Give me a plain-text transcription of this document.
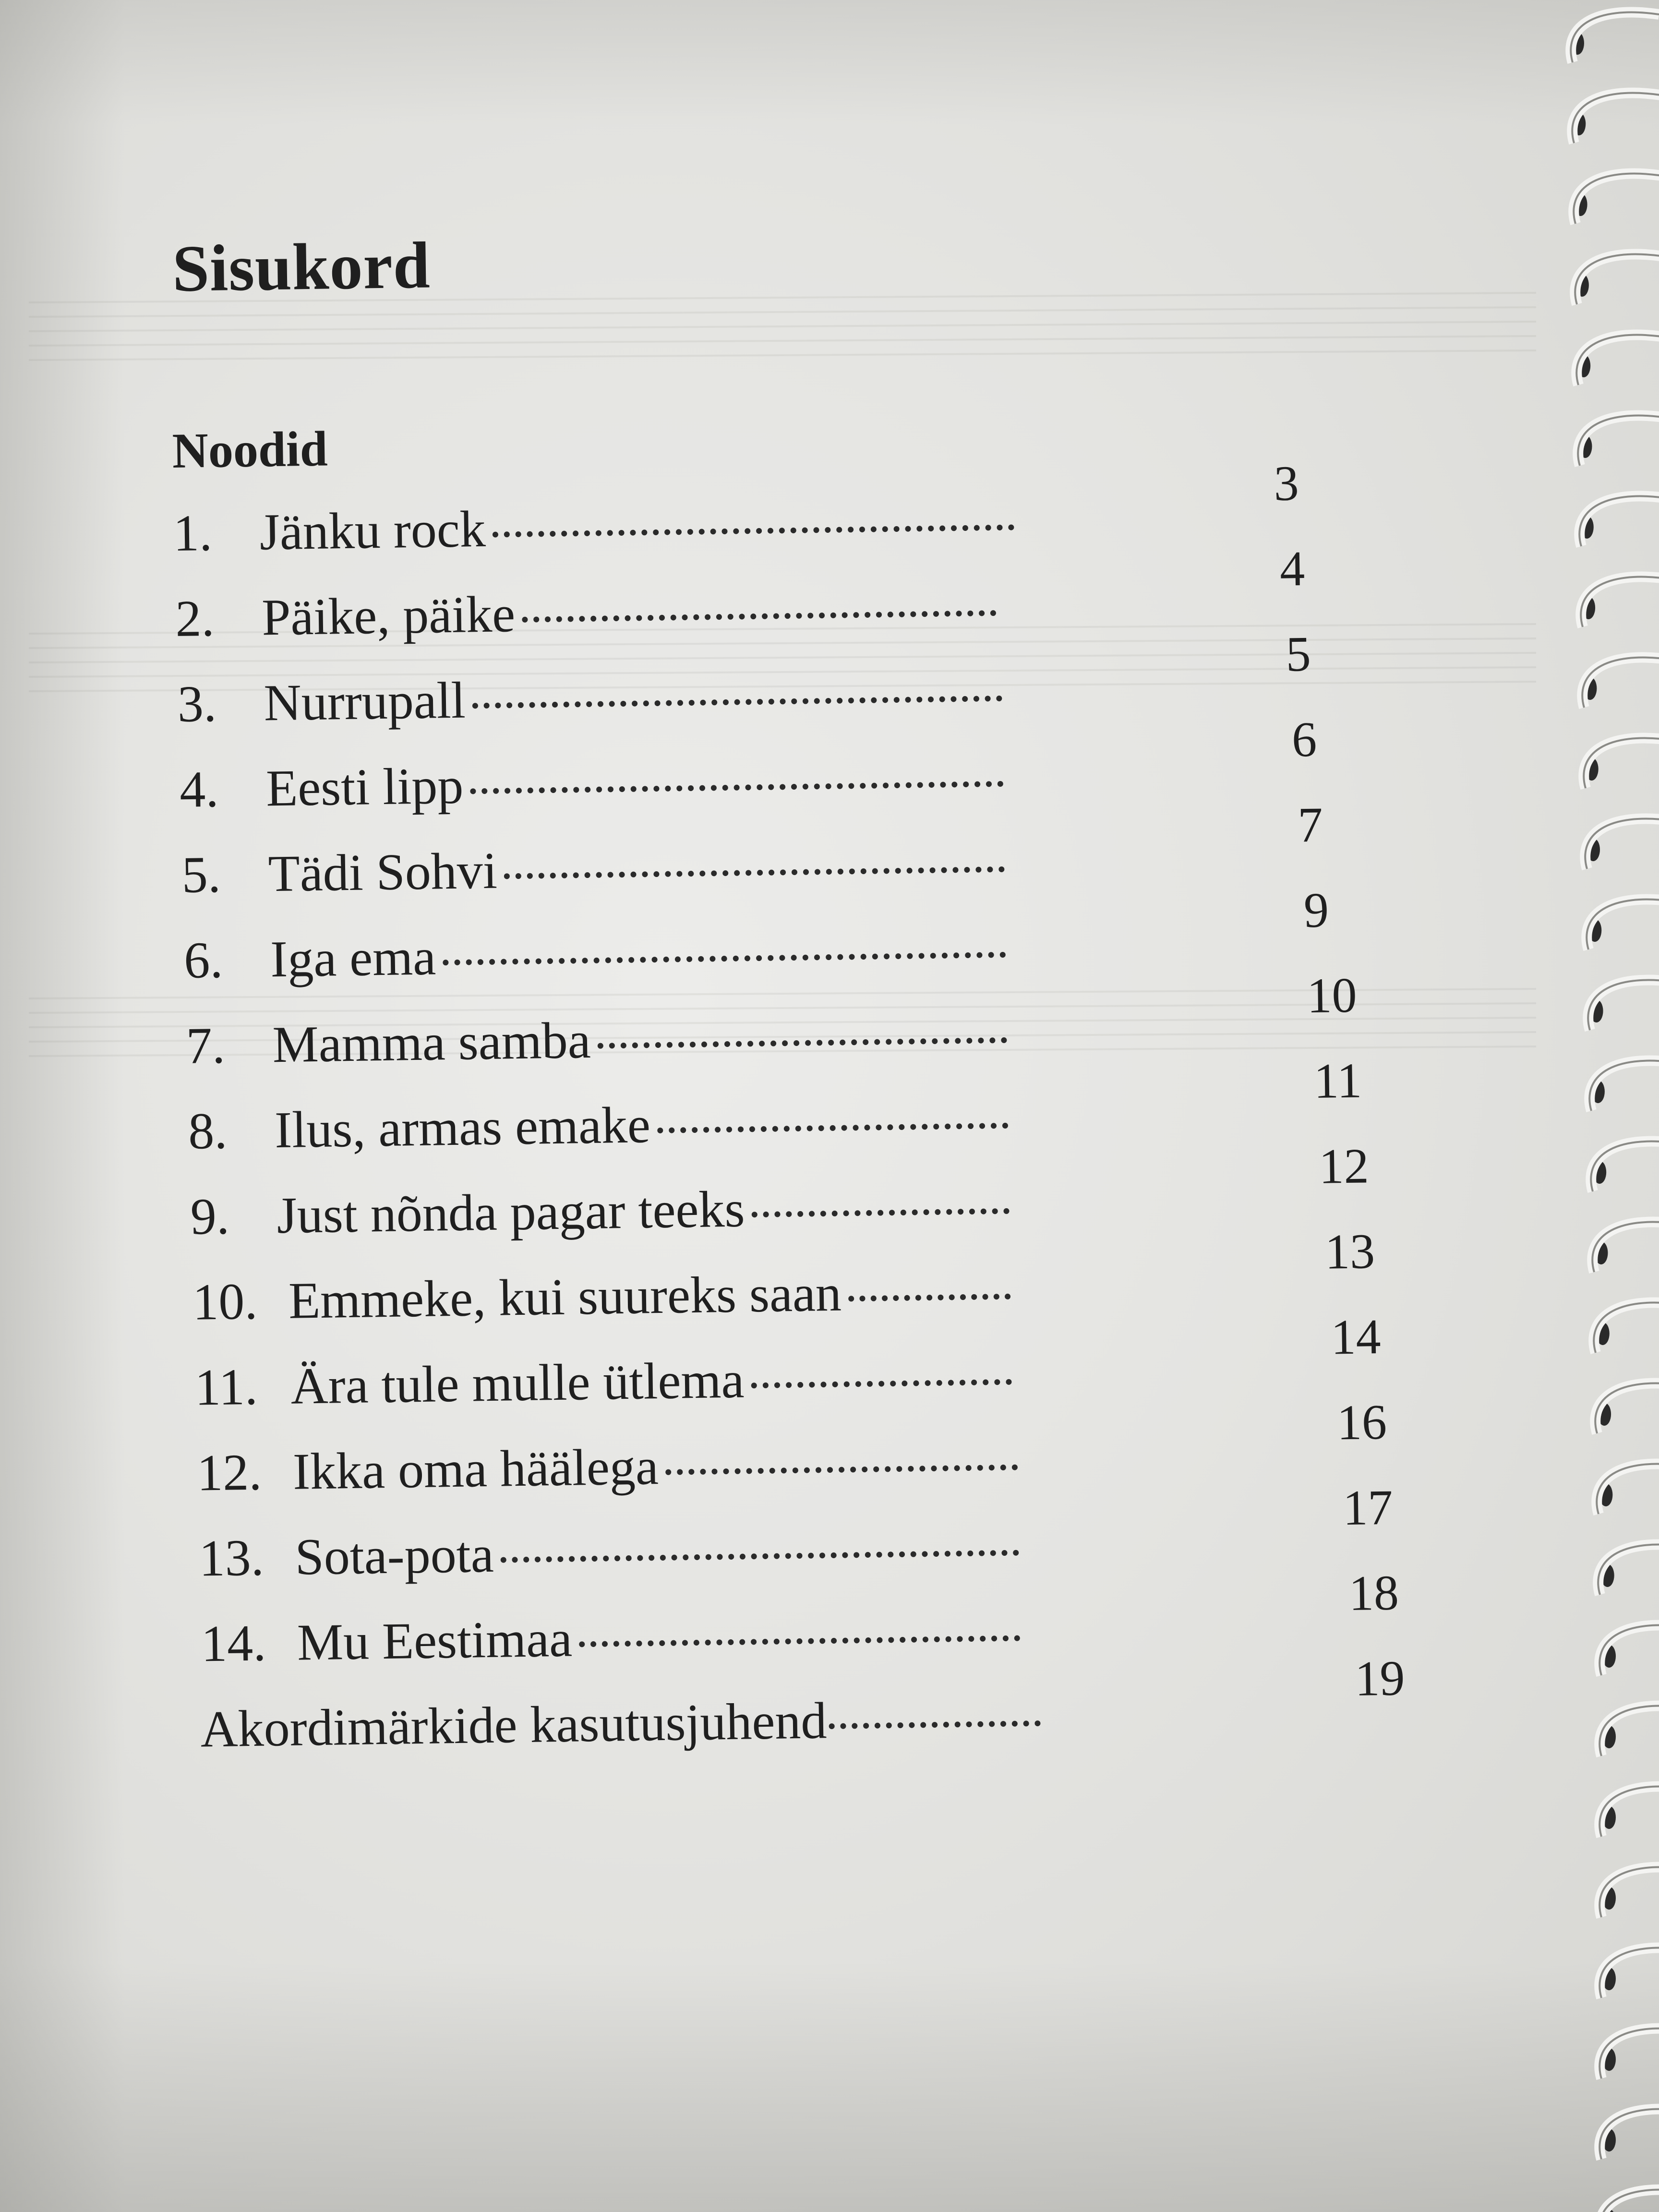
Sisukord
Noodid
1. Jänku rock
3
2. Päike, päike
4
3. Nurrupall
5
4. Eesti lipp
6
5. Tädi Sohvi
7
6. Iga ema
9
7. Mamma samba
10
8. Ilus, armas emake
11
9. Just nõnda pagar teeks
12
10. Emmeke, kui suureks saan
13
11. Ära tule mulle ütlema
14
12. Ikka oma häälega
16
13. Sota-pota
17
14. Mu Eestimaa
18
Akordimärkide kasutusjuhend
19
